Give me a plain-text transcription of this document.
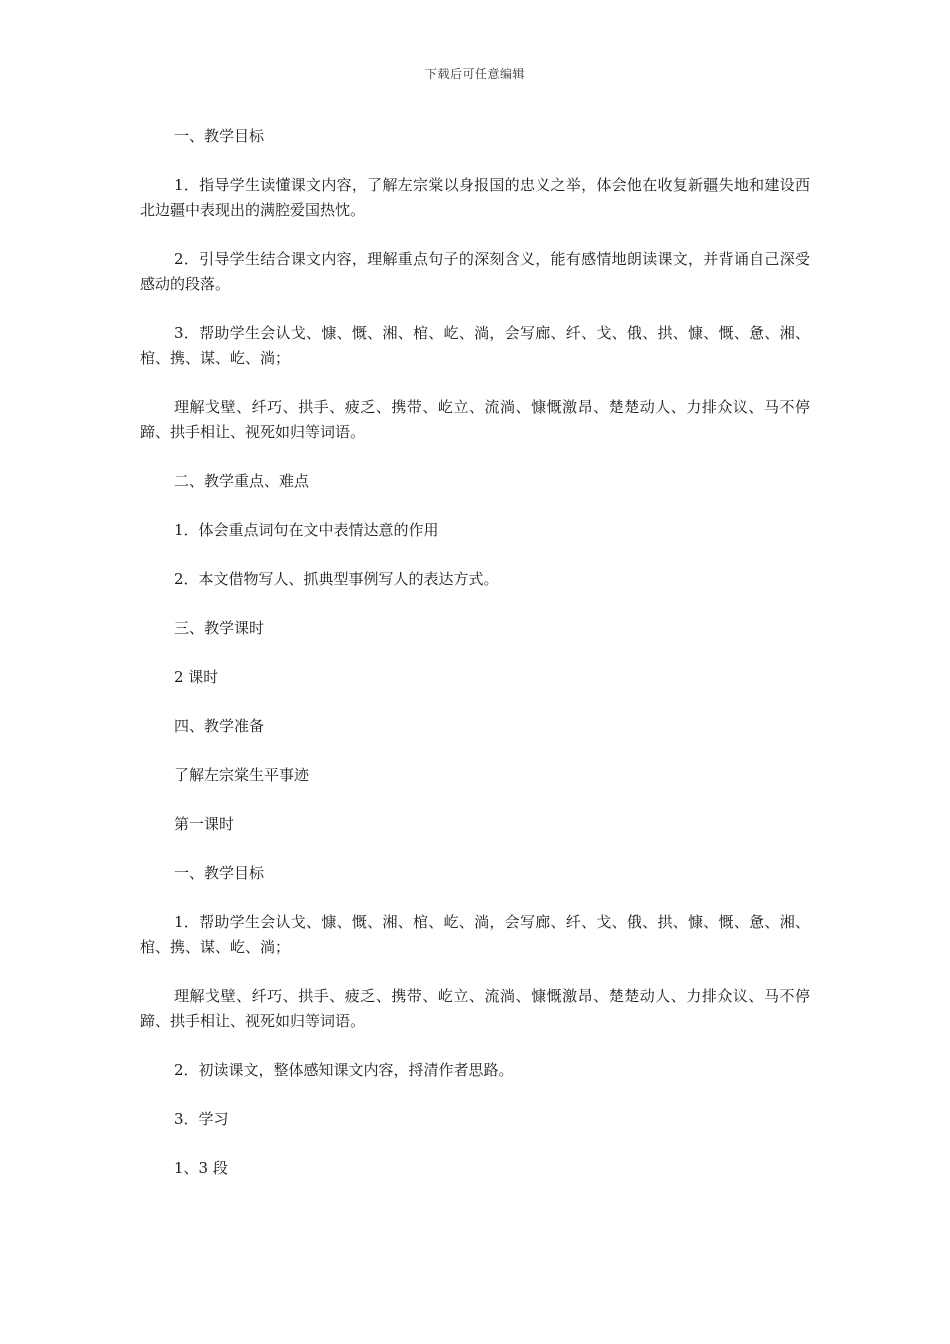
下载后可任意编辑

一、教学目标

1．指导学生读懂课文内容，了解左宗棠以身报国的忠义之举，体会他在收复新疆失地和建设西北边疆中表现出的满腔爱国热忱。

2．引导学生结合课文内容，理解重点句子的深刻含义，能有感情地朗读课文，并背诵自己深受感动的段落。

3．帮助学生会认戈、慷、慨、湘、棺、屹、淌，会写廊、纤、戈、俄、拱、慷、慨、惫、湘、棺、携、谋、屹、淌；

理解戈壁、纤巧、拱手、疲乏、携带、屹立、流淌、慷慨激昂、楚楚动人、力排众议、马不停蹄、拱手相让、视死如归等词语。

二、教学重点、难点

1．体会重点词句在文中表情达意的作用

2．本文借物写人、抓典型事例写人的表达方式。

三、教学课时

2 课时

四、教学准备

了解左宗棠生平事迹

第一课时

一、教学目标

1．帮助学生会认戈、慷、慨、湘、棺、屹、淌，会写廊、纤、戈、俄、拱、慷、慨、惫、湘、棺、携、谋、屹、淌；

理解戈壁、纤巧、拱手、疲乏、携带、屹立、流淌、慷慨激昂、楚楚动人、力排众议、马不停蹄、拱手相让、视死如归等词语。

2．初读课文，整体感知课文内容，捋清作者思路。

3．学习

1、3 段
